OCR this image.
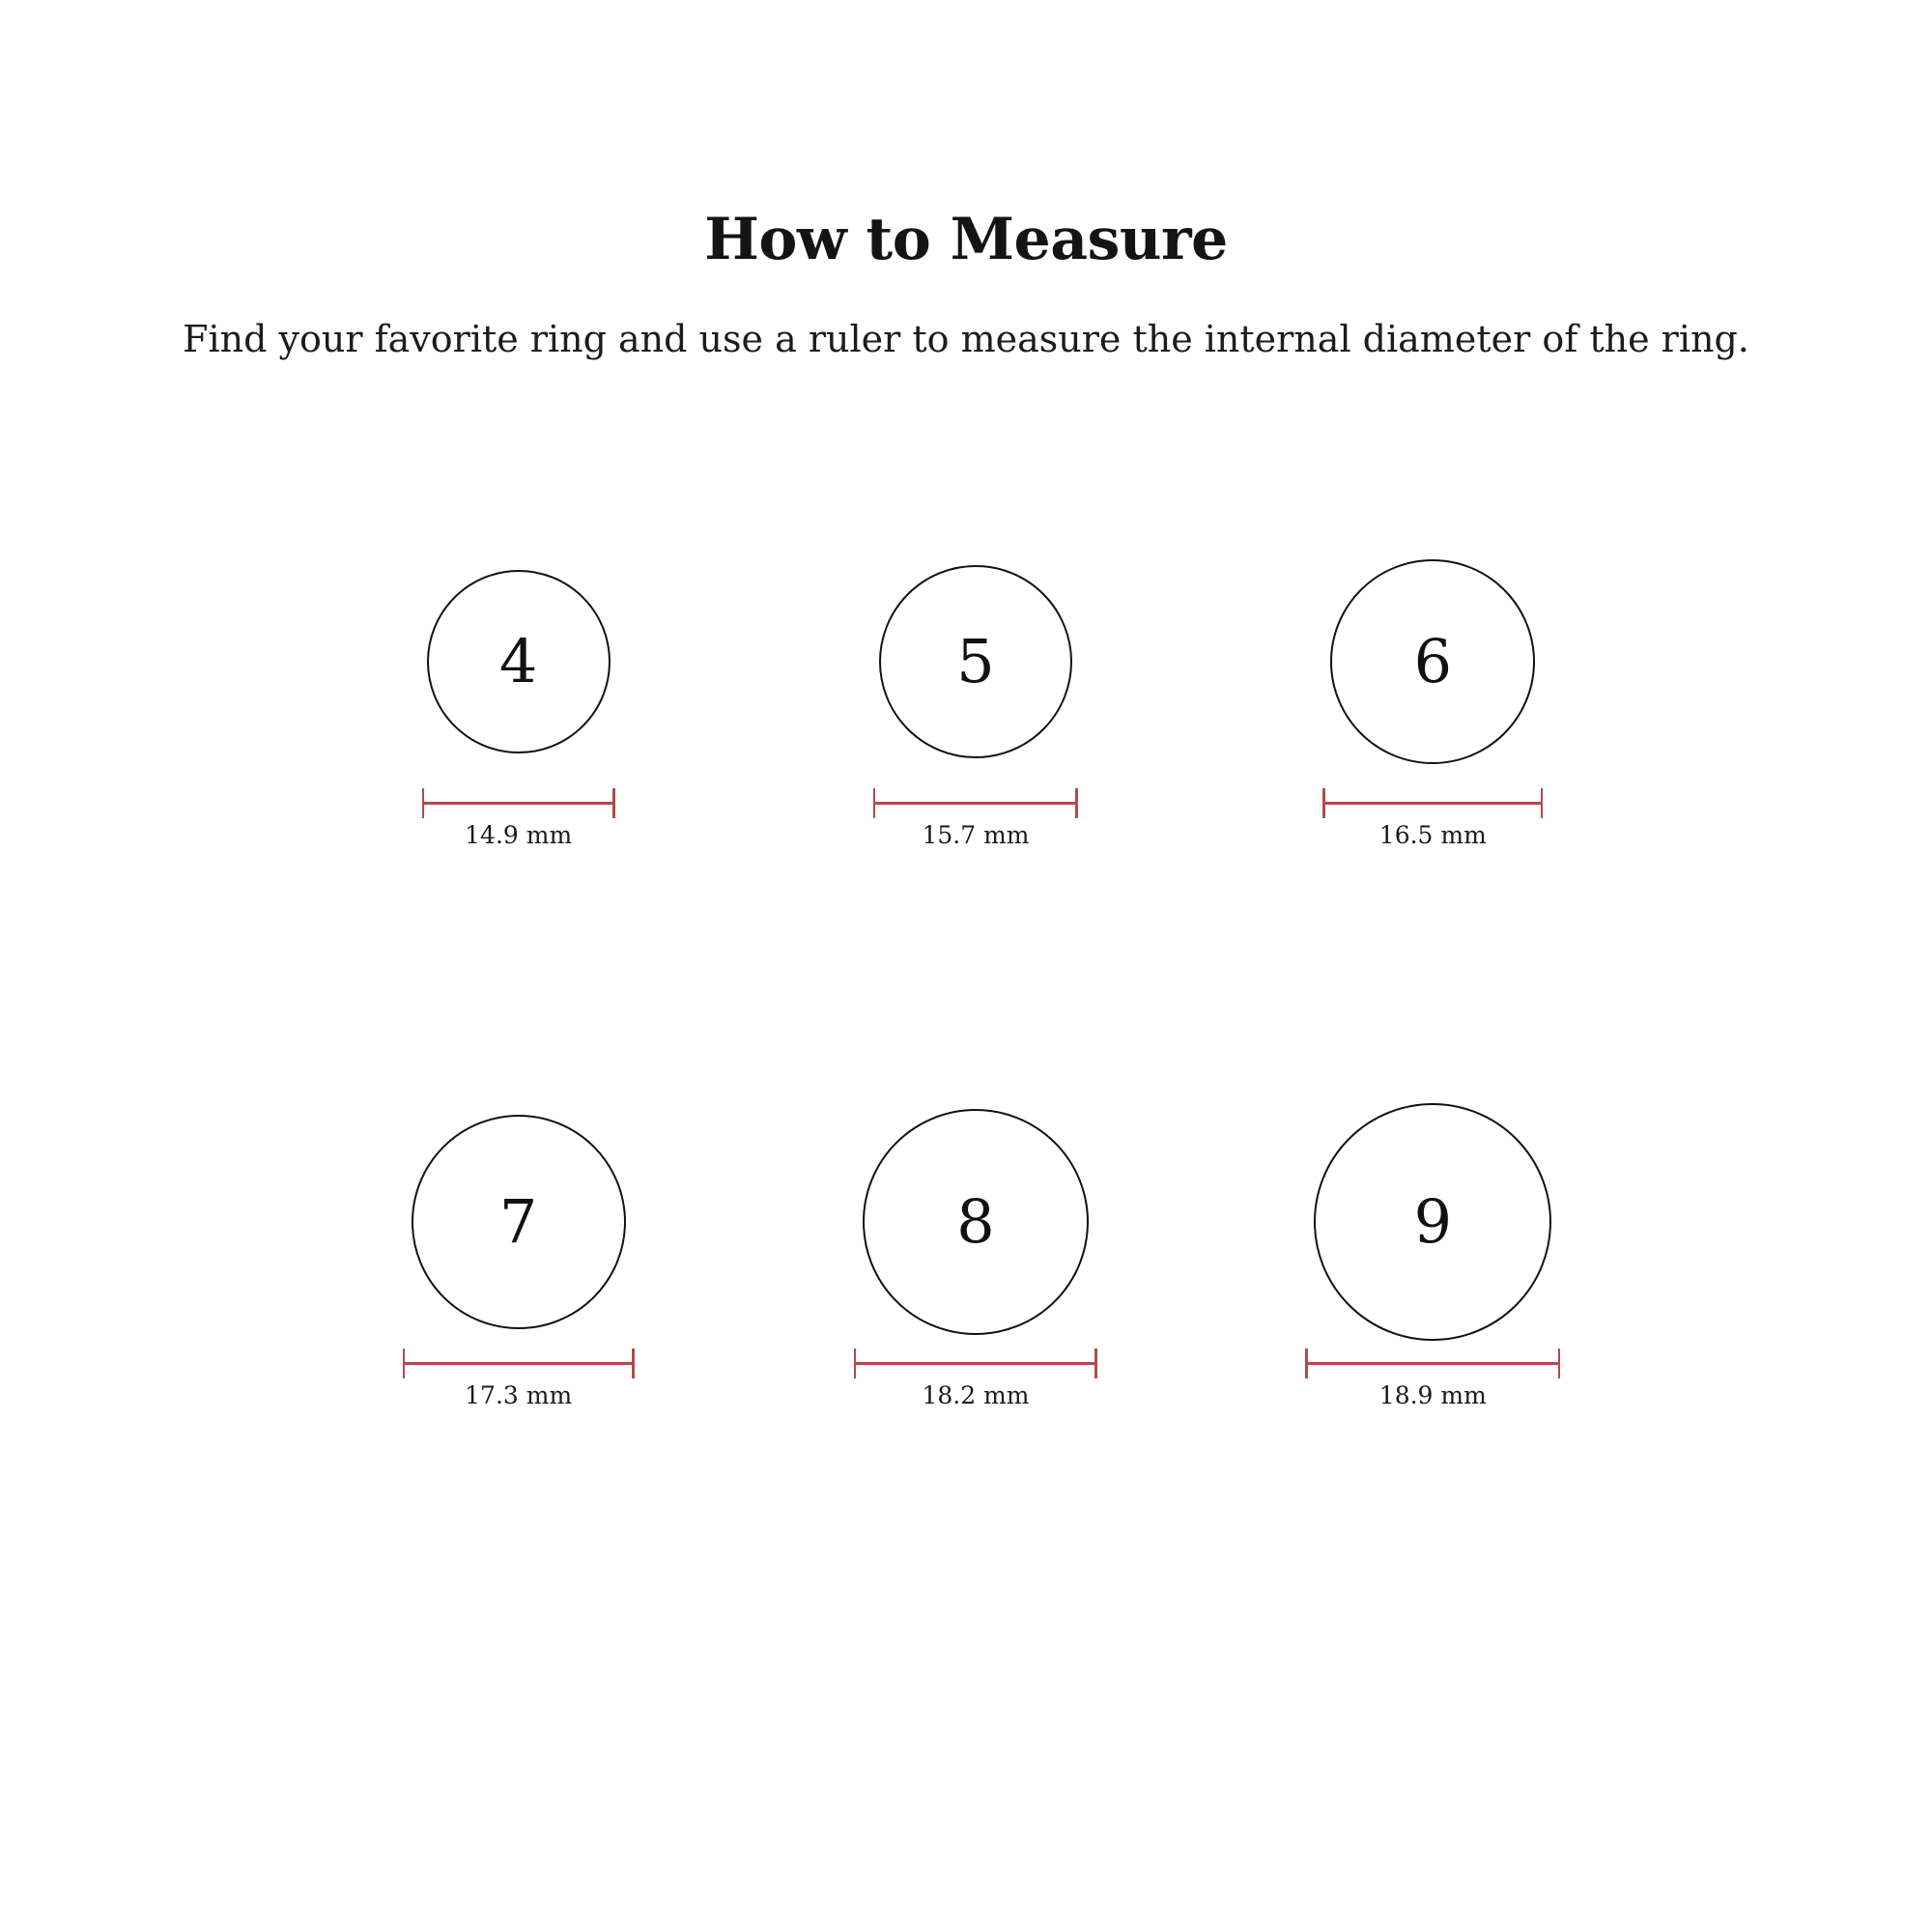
How to Measure

Find your favorite ring and use a ruler to measure the internal diameter of the ring.

4
14.9 mm
5
15.7 mm
6
16.5 mm
7
17.3 mm
8
18.2 mm
9
18.9 mm
